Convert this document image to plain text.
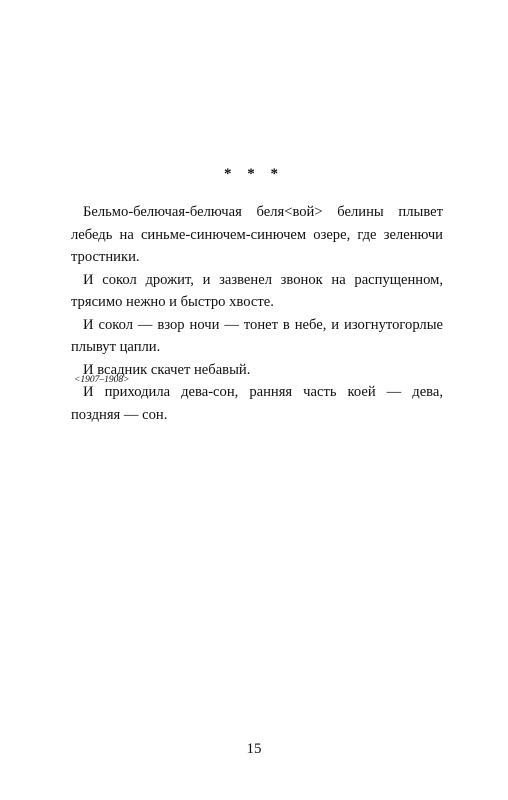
* * *

Бельмо-белючая-белючая беля<вой> белины плывет лебедь на синьме-синючем-синючем озере, где зеленючи тростники.

И сокол дрожит, и зазвенел звонок на распущенном, трясимо нежно и быстро хвосте.

И сокол — взор ночи — тонет в небе, и изогнутогорлые плывут цапли.

И всадник скачет небавый.

И приходила дева-сон, ранняя часть коей — дева, поздняя — сон.

<1907–1908>
15
